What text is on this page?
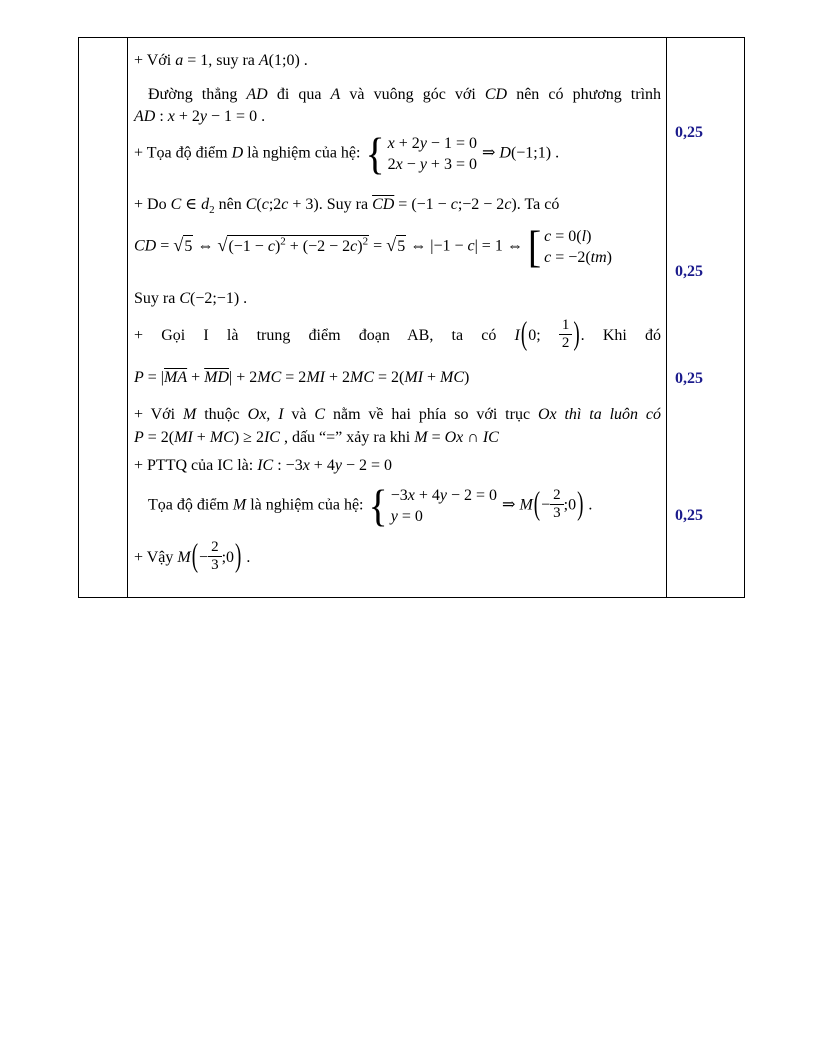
+ Với a = 1, suy ra A(1;0) .
Đường thẳng AD đi qua A và vuông góc với CD nên có phương trình
AD : x + 2y − 1 = 0 .
+ Tọa độ điểm D là nghiệm của hệ: { x + 2y − 1 = 0
2x − y + 3 = 0
⇒ D(−1;1) .
+ Do C ∈ $d_2$ nên C(c;2c + 3). Suy ra $\overline{CD} = (-1$ − c;−2 − 2c). Ta có
CD = √5 ⇔ $√(-1 - c)^2 + (-2 - 2c)^2 = √5$ ⇔ |−1 − c| = 1 ⇔ [ c = 0(l)
c = −2(tm)
Suy ra C(−2;−1) .
+ Gọi I là trung điểm đoạn AB, ta có I(0; $\frac{1}{2}$ ). Khi đó
$P = |\overline{MA} + \overline{MD}| + 2MC = 2MI + 2MC = 2(MI + MC)$
+ Với M thuộc Ox, I và C nằm về hai phía so với trục Ox thì ta luôn có
P = 2(MI + MC) ≥ 2IC , dấu “=” xảy ra khi M = Ox ∩ IC
+ PTTQ của IC là: IC : −3x + 4y − 2 = 0
Tọa độ điểm M là nghiệm của hệ: { −3x + 4y − 2 = 0
y = 0
⇒ $M(- \frac{2}{3}$ ;0) .
+ Vậy $M(- \frac{2}{3}$ ;0) .
0,25
0,25
0,25
0,25
